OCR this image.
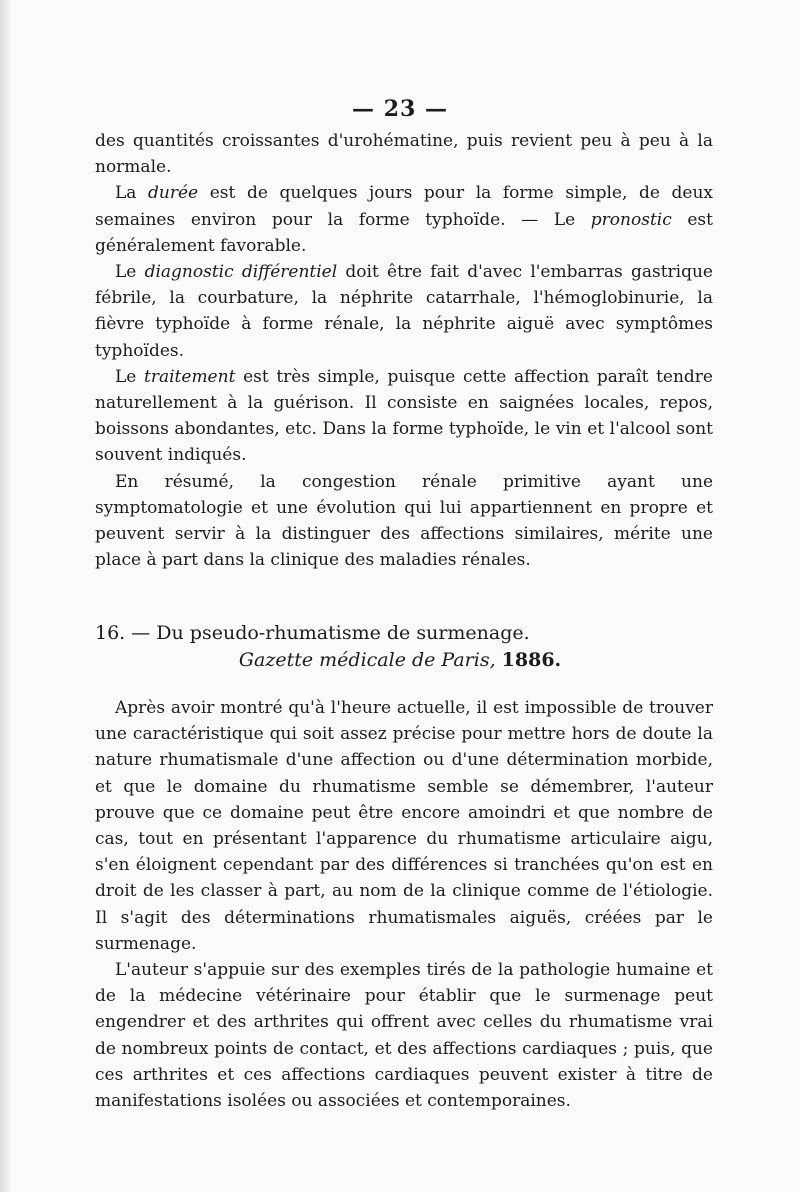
— 23 —

des quantités croissantes d'urohématine, puis revient peu à peu à la normale.

La durée est de quelques jours pour la forme simple, de deux semaines environ pour la forme typhoïde. — Le pronostic est généralement favorable.

Le diagnostic différentiel doit être fait d'avec l'embarras gastrique fébrile, la courbature, la néphrite catarrhale, l'hémoglobinurie, la fièvre typhoïde à forme rénale, la néphrite aiguë avec symptômes typhoïdes.

Le traitement est très simple, puisque cette affection paraît tendre naturellement à la guérison. Il consiste en saignées locales, repos, boissons abondantes, etc. Dans la forme typhoïde, le vin et l'alcool sont souvent indiqués.

En résumé, la congestion rénale primitive ayant une symptomatologie et une évolution qui lui appartiennent en propre et peuvent servir à la distinguer des affections similaires, mérite une place à part dans la clinique des maladies rénales.

16. — Du pseudo-rhumatisme de surmenage.
Gazette médicale de Paris, 1886.

Après avoir montré qu'à l'heure actuelle, il est impossible de trouver une caractéristique qui soit assez précise pour mettre hors de doute la nature rhumatismale d'une affection ou d'une détermination morbide, et que le domaine du rhumatisme semble se démembrer, l'auteur prouve que ce domaine peut être encore amoindri et que nombre de cas, tout en présentant l'apparence du rhumatisme articulaire aigu, s'en éloignent cependant par des différences si tranchées qu'on est en droit de les classer à part, au nom de la clinique comme de l'étiologie. Il s'agit des déterminations rhumatismales aiguës, créées par le surmenage.

L'auteur s'appuie sur des exemples tirés de la pathologie humaine et de la médecine vétérinaire pour établir que le surmenage peut engendrer et des arthrites qui offrent avec celles du rhumatisme vrai de nombreux points de contact, et des affections cardiaques ; puis, que ces arthrites et ces affections cardiaques peuvent exister à titre de manifestations isolées ou associées et contemporaines.
